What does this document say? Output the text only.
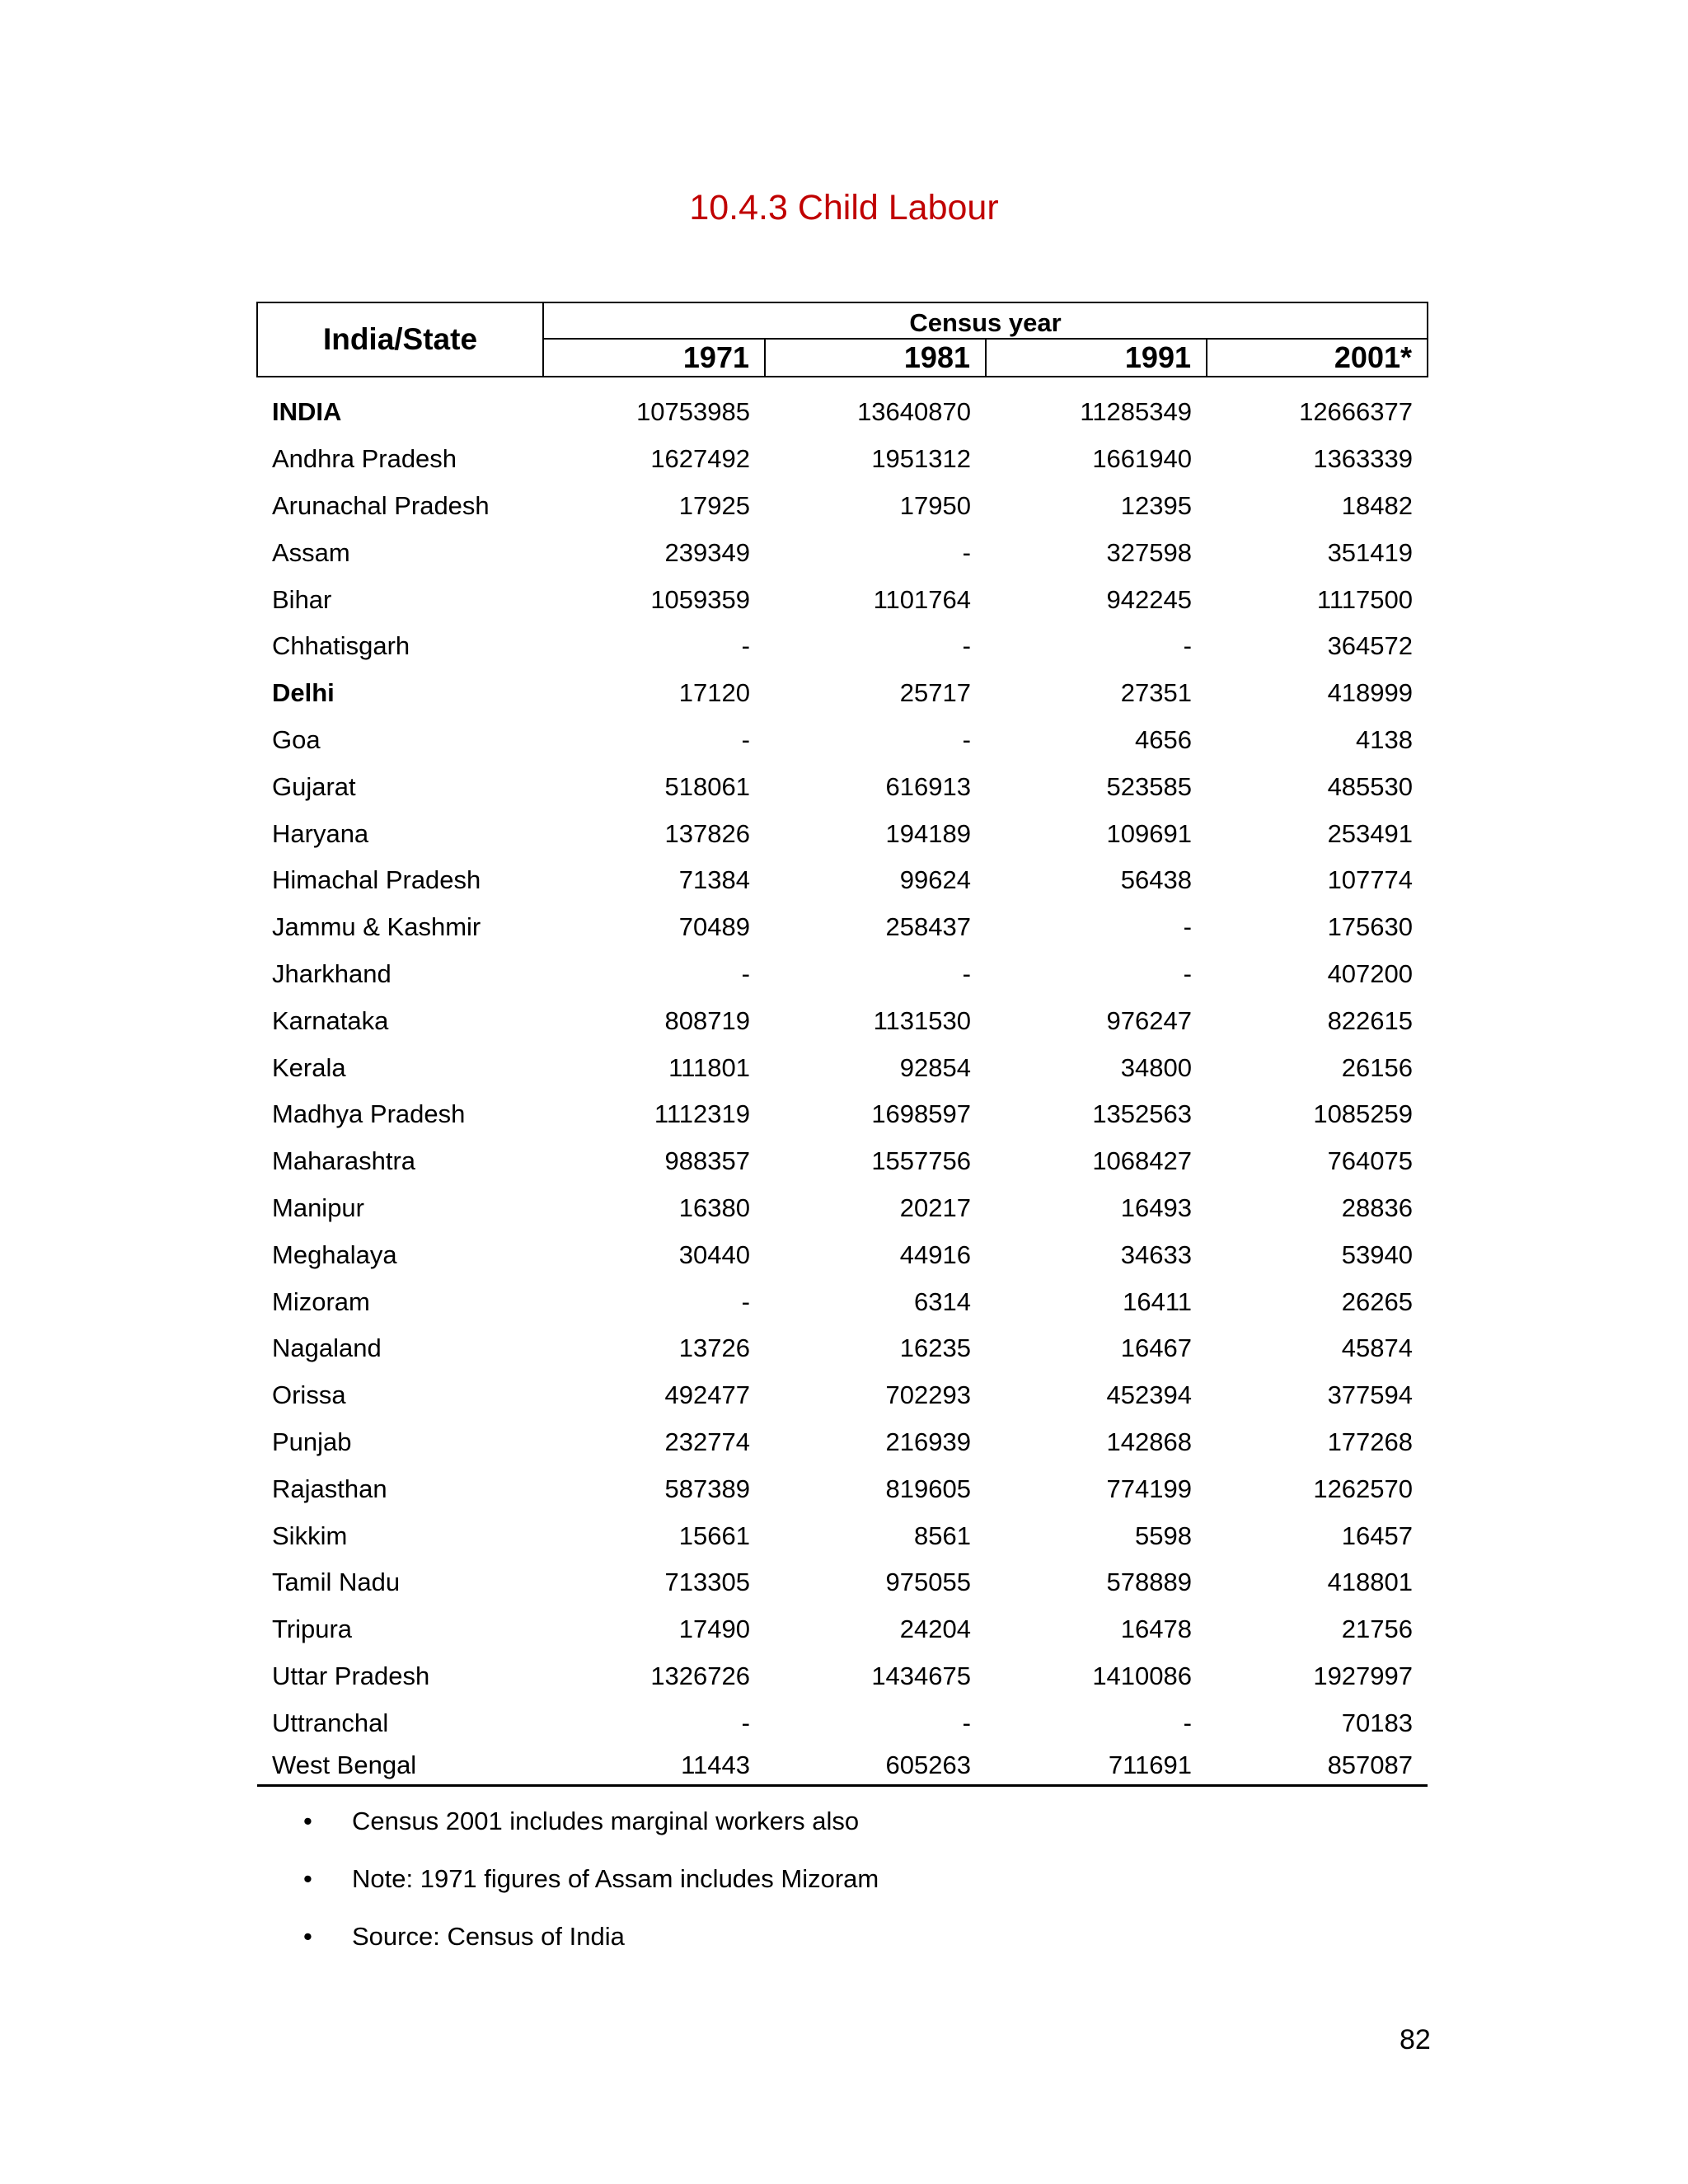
10.4.3 Child Labour
India/State	Census year			
	1971	1981	1991	2001*

INDIA	10753985	13640870	11285349	12666377
Andhra Pradesh	1627492	1951312	1661940	1363339
Arunachal Pradesh	17925	17950	12395	18482
Assam	239349	-	327598	351419
Bihar	1059359	1101764	942245	1117500
Chhatisgarh	-	-	-	364572
Delhi	17120	25717	27351	418999
Goa	-	-	4656	4138
Gujarat	518061	616913	523585	485530
Haryana	137826	194189	109691	253491
Himachal Pradesh	71384	99624	56438	107774
Jammu & Kashmir	70489	258437	-	175630
Jharkhand	-	-	-	407200
Karnataka	808719	1131530	976247	822615
Kerala	111801	92854	34800	26156
Madhya Pradesh	1112319	1698597	1352563	1085259
Maharashtra	988357	1557756	1068427	764075
Manipur	16380	20217	16493	28836
Meghalaya	30440	44916	34633	53940
Mizoram	-	6314	16411	26265
Nagaland	13726	16235	16467	45874
Orissa	492477	702293	452394	377594
Punjab	232774	216939	142868	177268
Rajasthan	587389	819605	774199	1262570
Sikkim	15661	8561	5598	16457
Tamil Nadu	713305	975055	578889	418801
Tripura	17490	24204	16478	21756
Uttar Pradesh	1326726	1434675	1410086	1927997
Uttranchal	-	-	-	70183
West Bengal	11443	605263	711691	857087
• Census 2001 includes marginal workers also
• Note: 1971 figures of Assam includes Mizoram
• Source: Census of India
82
